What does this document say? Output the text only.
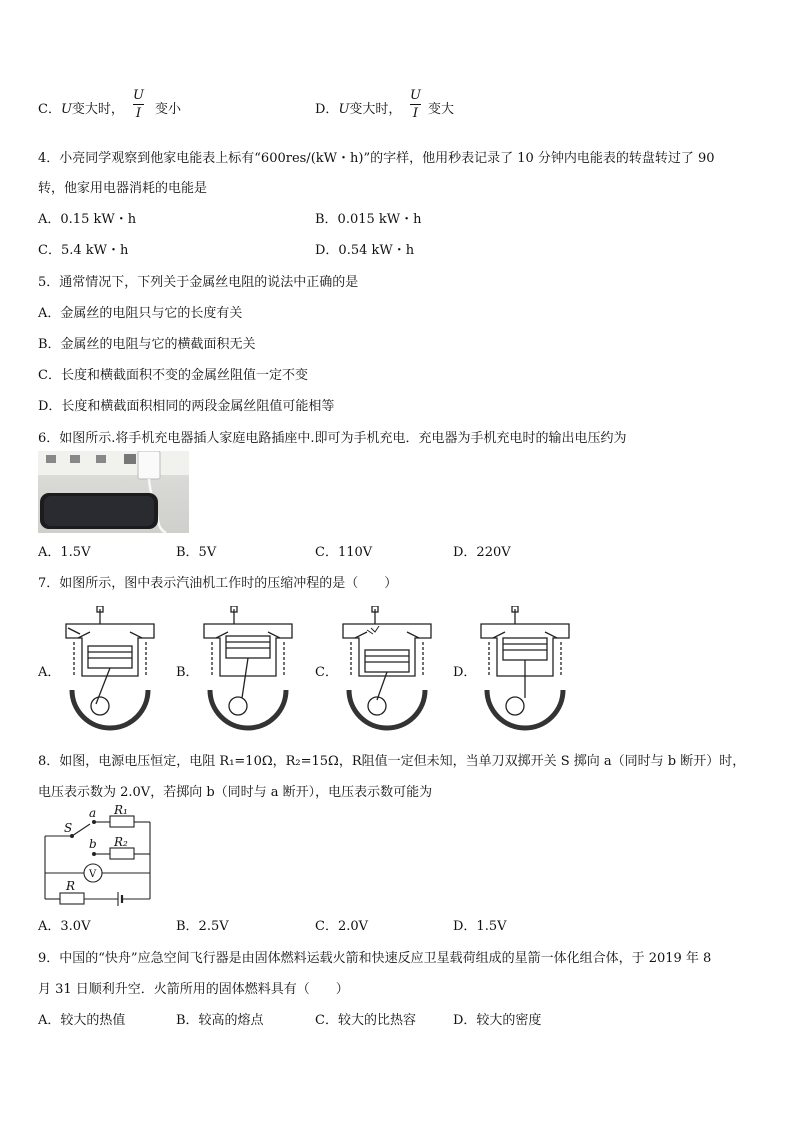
C．U变大时，
U
I 变小	D．U变大时，
U
I 变大
4．小亮同学观察到他家电能表上标有“600res/(kW・h)”的字样，他用秒表记录了 10 分钟内电能表的转盘转过了 90
转，他家用电器消耗的电能是
A．0.15 kW・h	B．0.015 kW・h
C．5.4 kW・h	D．0.54 kW・h
5．通常情况下，下列关于金属丝电阻的说法中正确的是
A．金属丝的电阻只与它的长度有关
B．金属丝的电阻与它的横截面积无关
C．长度和横截面积不变的金属丝阻值一定不变
D．长度和横截面积相同的两段金属丝阻值可能相等
6．如图所示.将手机充电器插人家庭电路插座中.即可为手机充电．充电器为手机充电时的输出电压约为
A．1.5V	B．5V	C．110V	D．220V
7．如图所示，图中表示汽油机工作时的压缩冲程的是（　　）
A．	B．	C．	D．
8．如图，电源电压恒定，电阻 R₁=10Ω，R₂=15Ω，R阻值一定但未知，当单刀双掷开关 S 掷向 a（同时与 b 断开）时，
电压表示数为 2.0V，若掷向 b（同时与 a 断开），电压表示数可能为
S
a
b
R₁
R₂
R
V
A．3.0V	B．2.5V	C．2.0V	D．1.5V
9．中国的“快舟”应急空间飞行器是由固体燃料运载火箭和快速反应卫星载荷组成的星箭一体化组合体，于 2019 年 8
月 31 日顺利升空．火箭所用的固体燃料具有（　　）
A．较大的热值	B．较高的熔点	C．较大的比热容	D．较大的密度
